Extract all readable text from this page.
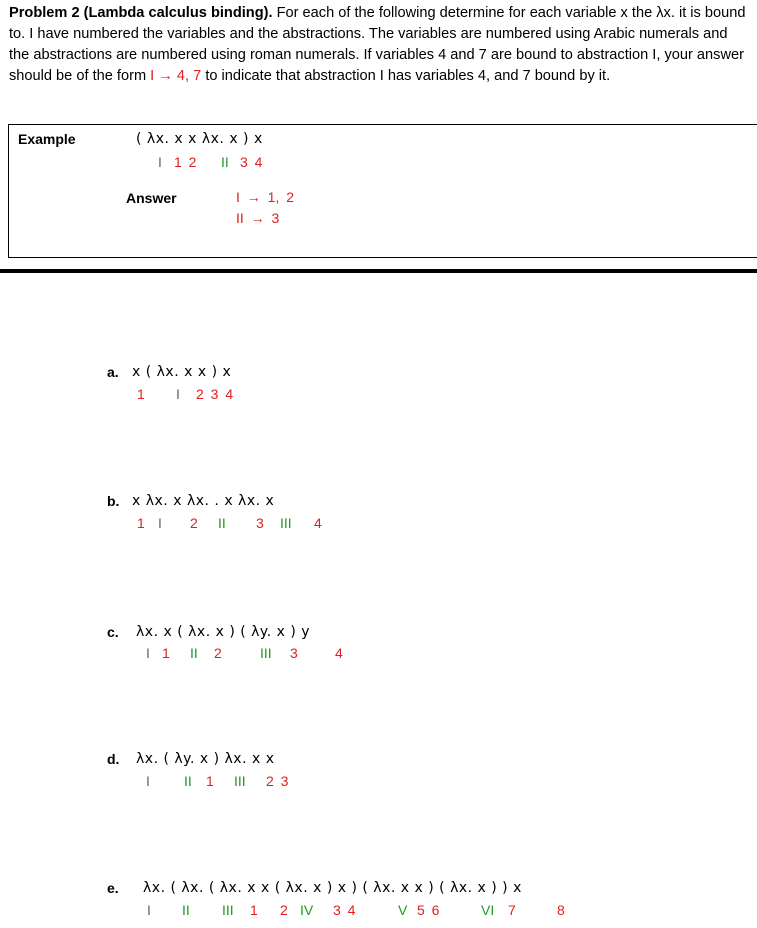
Problem 2 (Lambda calculus binding). For each of the following determine for each variable x the λx. it is bound to. I have numbered the variables and the abstractions. The variables are numbered using Arabic numerals and the abstractions are numbered using roman numerals. If variables 4 and 7 are bound to abstraction I, your answer should be of the form I → 4, 7 to indicate that abstraction I has variables 4, and 7 bound by it.
Example	( λx. x x λx. x ) x
I 1 2 II 3 4
Answer	I → 1, 2
II → 3
a. x ( λx. x x ) x
1 I 2 3 4
b. x λx. x λx. . x λx. x
1 I 2 II 3 III 4
c. λx. x ( λx. x ) ( λy. x ) y
I 1 II 2	III 3	4
d. λx. ( λy. x ) λx. x x
I II 1 III 2 3
e. λx. ( λx. ( λx. x x ( λx. x ) x ) ( λx. x x ) ( λx. x ) ) x
I II III 1 2 IV 3 4	V 5 6	VI 7	8
